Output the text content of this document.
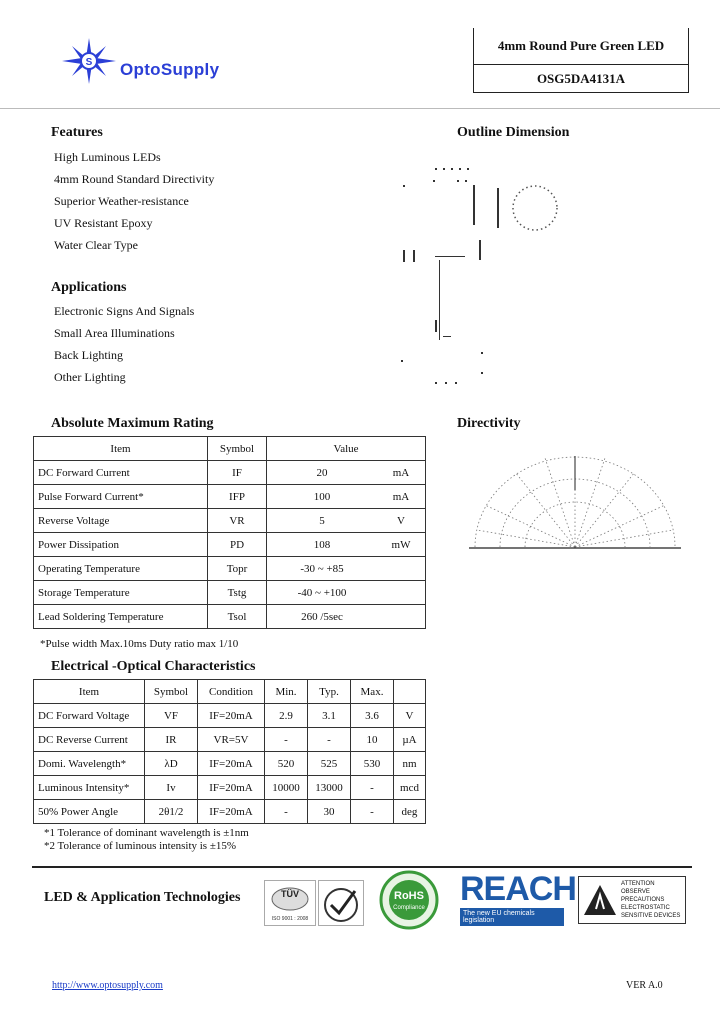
S OptoSupply
4mm Round Pure Green LED
OSG5DA4131A
Features
High Luminous LEDs
4mm Round Standard Directivity
Superior Weather-resistance
UV Resistant Epoxy
Water Clear Type
Applications
Electronic Signs And Signals
Small Area Illuminations
Back Lighting
Other Lighting
Outline Dimension
Directivity
Absolute Maximum Rating
Item	Symbol	Value	
DC Forward Current	IF	20	mA
Pulse Forward Current*	IFP	100	mA
Reverse Voltage	VR	5	V
Power Dissipation	PD	108	mW
Operating Temperature	Topr	-30 ~ +85	
Storage Temperature	Tstg	-40 ~ +100	
Lead Soldering Temperature	Tsol	260 /5sec	
*Pulse width Max.10ms Duty ratio max 1/10
Electrical -Optical Characteristics
Item	Symbol	Condition	Min.	Typ.	Max.	
DC Forward Voltage	VF	IF=20mA	2.9	3.1	3.6	V
DC Reverse Current	IR	VR=5V	-	-	10	µA
Domi. Wavelength*	λD	IF=20mA	520	525	530	nm
Luminous Intensity*	Iv	IF=20mA	10000	13000	-	mcd
50% Power Angle	2θ1/2	IF=20mA	-	30	-	deg
*1 Tolerance of dominant wavelength is ±1nm
*2 Tolerance of luminous intensity is ±15%
LED & Application Technologies	TÜV
ISO 9001 : 2008
RoHS
Compliance REACH
The new EU chemicals legislation
ATTENTION
OBSERVE PRECAUTIONS
ELECTROSTATIC
SENSITIVE DEVICES
http://www.optosupply.com	VER A.0
